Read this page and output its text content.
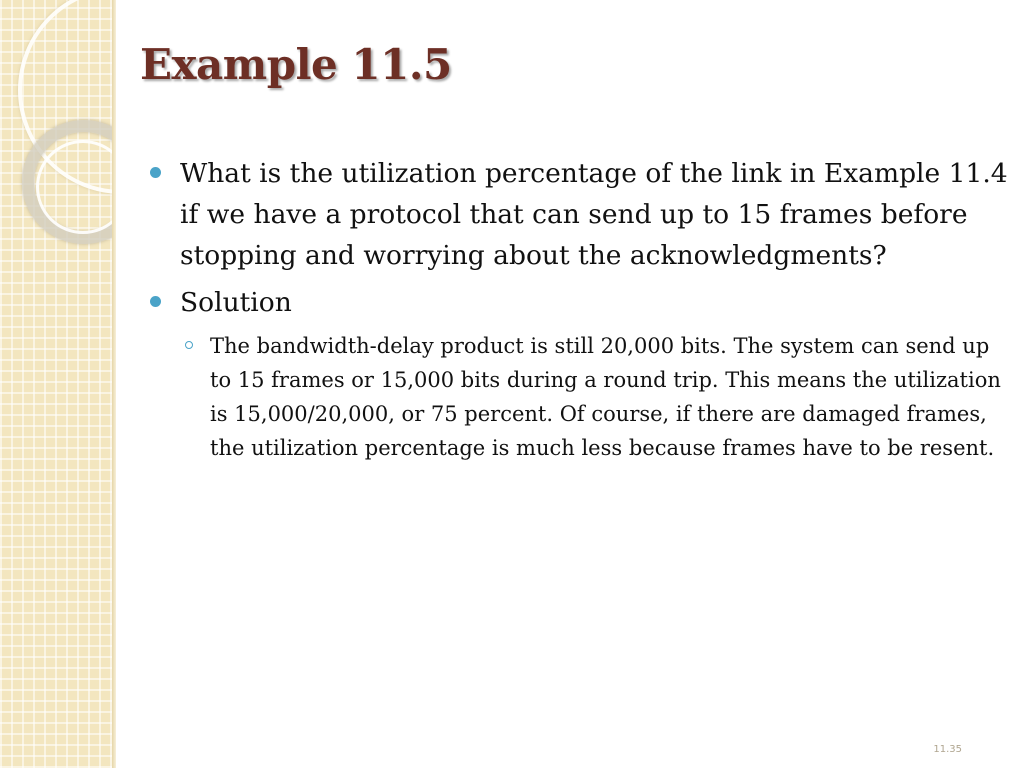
Example 11.5
What is the utilization percentage of the link in Example 11.4 if we have a protocol that can send up to 15 frames before stopping and worrying about the acknowledgments?
Solution
The bandwidth-delay product is still 20,000 bits. The system can send up to 15 frames or 15,000 bits during a round trip. This means the utilization is 15,000/20,000, or 75 percent. Of course, if there are damaged frames, the utilization percentage is much less because frames have to be resent.
11.35
